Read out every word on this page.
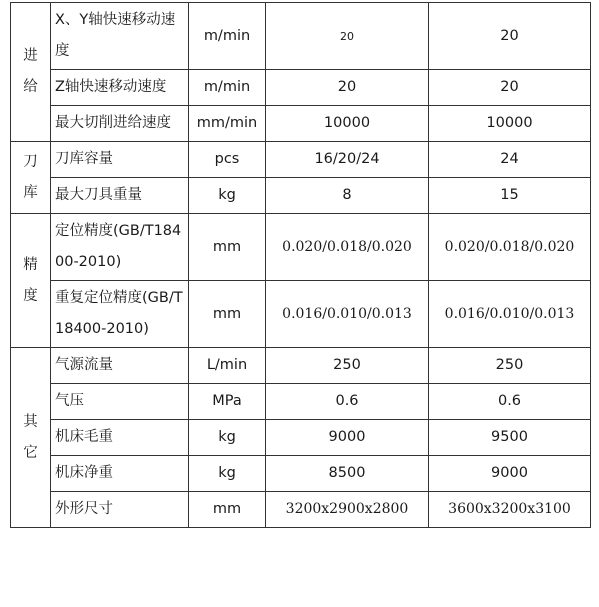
进
给	X、Y轴快速移动速度	m/min	20	20
	Z轴快速移动速度	m/min	20	20
	最大切削进给速度	mm/min	10000	10000

刀
库	刀库容量	pcs	16/20/24	24
	最大刀具重量	kg	8	15

精
度	定位精度(GB/T18400-2010)	mm	0.020/0.018/0.020	0.020/0.018/0.020
	重复定位精度(GB/T18400-2010)	mm	0.016/0.010/0.013	0.016/0.010/0.013

其
它	气源流量	L/min	250	250
	气压	MPa	0.6	0.6
	机床毛重	kg	9000	9500
	机床净重	kg	8500	9000
	外形尺寸	mm	3200x2900x2800	3600x3200x3100
